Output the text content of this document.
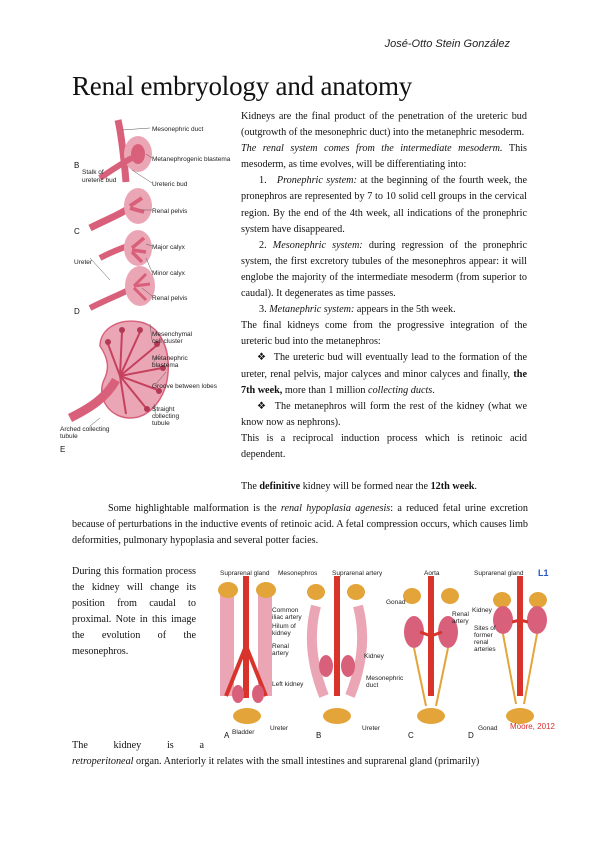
José-Otto Stein González
Renal embryology and anatomy
Mesonephric duct
Metanephrogenic blastema
Stalk of
ureteric bud
Ureteric bud
Renal pelvis
Major calyx
Minor calyx
Renal pelvis
Ureter
Mesenchymal
cell cluster
Metanephric
blastema
Groove between lobes
Straight
collecting
tubule
Arched collecting
tubule
B
C
D
E

Kidneys are the final product of the penetration of the ureteric bud (outgrowth of the mesonephric duct) into the metanephric mesoderm.

The renal system comes from the intermediate mesoderm. This mesoderm, as time evolves, will be differentiating into:

1. Pronephric system: at the beginning of the fourth week, the pronephros are represented by 7 to 10 solid cell groups in the cervical region. By the end of the 4th week, all indications of the pronephric system have disappeared.

2. Mesonephric system: during regression of the pronephric system, the first excretory tubules of the mesonephros appear: it will englobe the majority of the intermediate mesoderm (from superior to caudal). It degenerates as time passes.

3. Metanephric system: appears in the 5th week.

The final kidneys come from the progressive integration of the ureteric bud into the metanephros:

❖ The ureteric bud will eventually lead to the formation of the ureter, renal pelvis, major calyces and minor calyces and finally, the 7th week, more than 1 million collecting ducts.

❖ The metanephros will form the rest of the kidney (what we know now as nephrons).

This is a reciprocal induction process which is retinoic acid dependent.

The definitive kidney will be formed near the 12th week.

Some highlightable malformation is the renal hypoplasia agenesis: a reduced fetal urine excretion because of perturbations in the inductive events of retinoic acid. A fetal compression occurs, which causes limb deformities, pulmonary hypoplasia and several potter facies.

During this formation process the kidney will change its position from caudal to proximal. Note in this image the evolution of the mesonephros.

Suprarenal gland Mesonephros Suprarenal artery	Aorta	Suprarenal gland
Common
iliac artery
Hilum of
kidney
Renal
artery
Gonad
Renal
artery
Kidney
Kidney
Sites of
former
renal
arteries
Left kidney
Mesonephric
duct
Bladder
Ureter	Ureter	Gonad
A	B	C	D
L1
Moore, 2012

The kidney is a

retroperitoneal organ. Anteriorly it relates with the small intestines and suprarenal gland (primarily)
